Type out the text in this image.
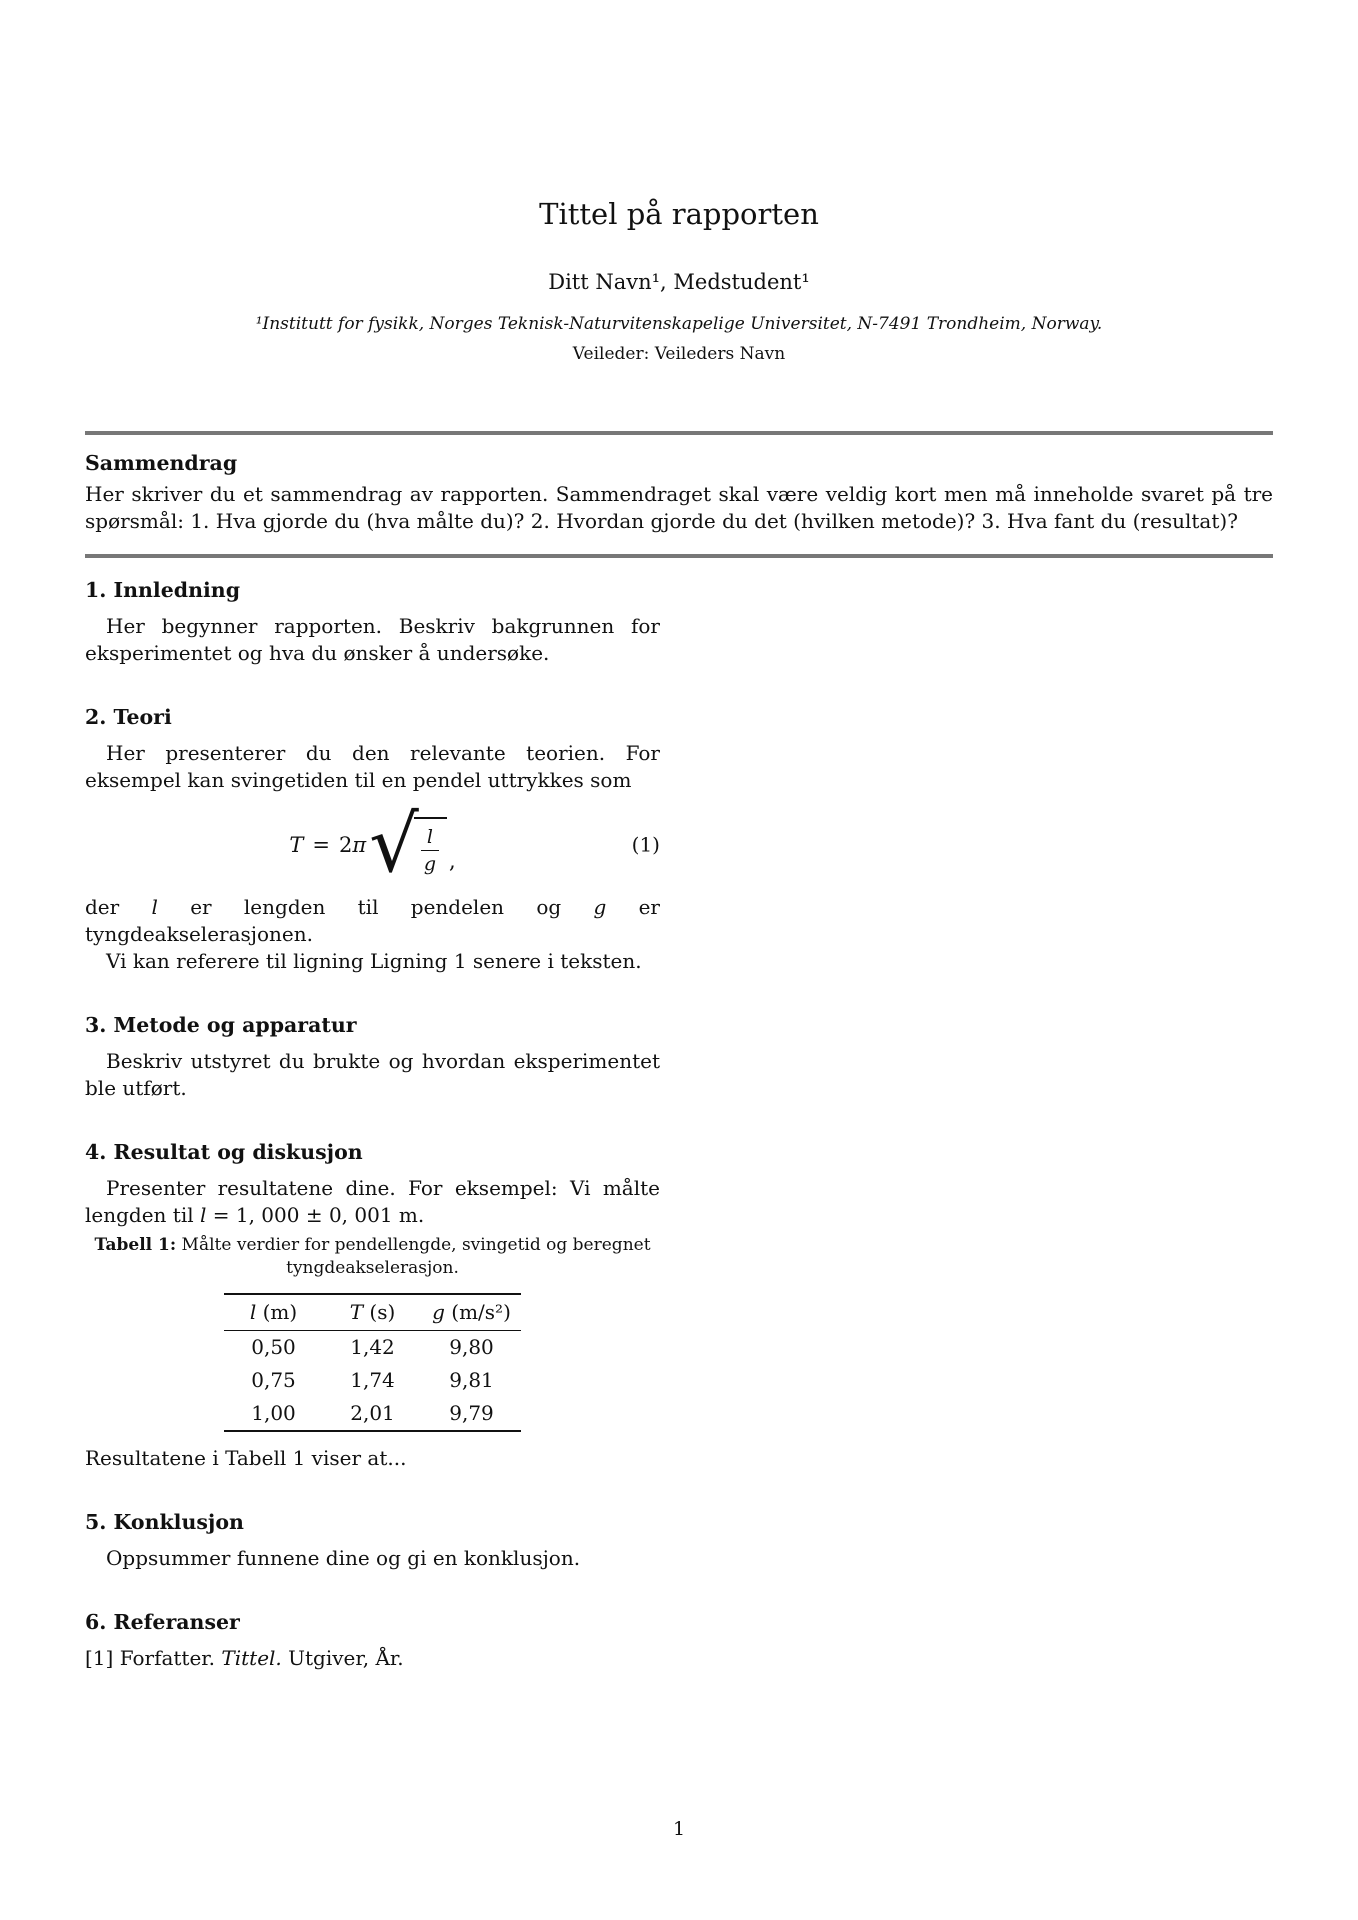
Tittel på rapporten
Ditt Navn¹, Medstudent¹
¹Institutt for fysikk, Norges Teknisk-Naturvitenskapelige Universitet, N-7491 Trondheim, Norway.
Veileder: Veileders Navn
Sammendrag

Her skriver du et sammendrag av rapporten. Sammendraget skal være veldig kort men må inneholde svaret på tre spørsmål: 1. Hva gjorde du (hva målte du)? 2. Hvordan gjorde du det (hvilken metode)? 3. Hva fant du (resultat)?

1. Innledning

Her begynner rapporten. Beskriv bakgrunnen for eksperimentet og hva du ønsker å undersøke.

2. Teori

Her presenterer du den relevante teorien. For eksempel kan svingetiden til en pendel uttrykkes som

T = 2 π √ $\frac{l}{g}$ ,
(1)

der l er lengden til pendelen og g er tyngdeakselerasjonen.

Vi kan referere til ligning Ligning 1 senere i teksten.

3. Metode og apparatur

Beskriv utstyret du brukte og hvordan eksperimentet ble utført.

4. Resultat og diskusjon

Presenter resultatene dine. For eksempel: Vi målte lengden til l = 1, 000 ± 0, 001 m.

Tabell 1: Målte verdier for pendellengde, svingetid og beregnet tyngdeakselerasjon.
l (m)	T (s)	g (m/s²)
0,50	1,42	9,80
0,75	1,74	9,81
1,00	2,01	9,79

Resultatene i Tabell 1 viser at...

5. Konklusjon

Oppsummer funnene dine og gi en konklusjon.

6. Referanser

[1] Forfatter. Tittel. Utgiver, År.

1
